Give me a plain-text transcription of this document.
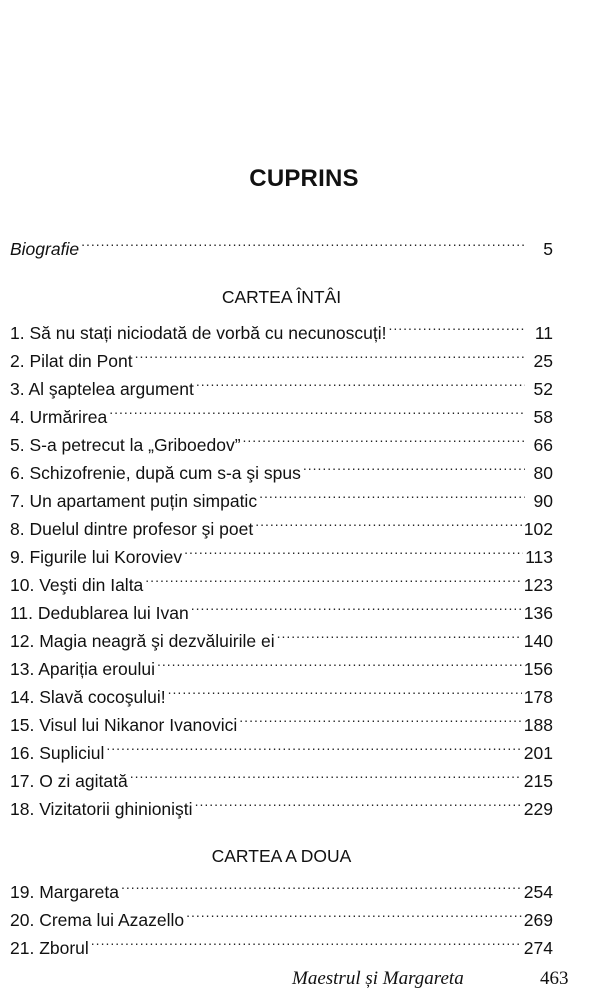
CUPRINS
Biografie .....	5
CARTEA ÎNTÂI
1. Să nu stați niciodată de vorbă cu necunoscuți! .....	11
2. Pilat din Pont .....	25
3. Al şaptelea argument .....	52
4. Urmărirea .....	58
5. S-a petrecut la „Griboedov” .....	66
6. Schizofrenie, după cum s-a şi spus .....	80
7. Un apartament puțin simpatic .....	90
8. Duelul dintre profesor şi poet .....	102
9. Figurile lui Koroviev .....	113
10. Veşti din Ialta .....	123
11. Dedublarea lui Ivan .....	136
12. Magia neagră şi dezvăluirile ei .....	140
13. Apariția eroului .....	156
14. Slavă cocoşului! .....	178
15. Visul lui Nikanor Ivanovici .....	188
16. Supliciul .....	201
17. O zi agitată .....	215
18. Vizitatorii ghinionişti .....	229
CARTEA A DOUA
19. Margareta .....	254
20. Crema lui Azazello .....	269
21. Zborul .....	274
Maestrul și Margareta	463
